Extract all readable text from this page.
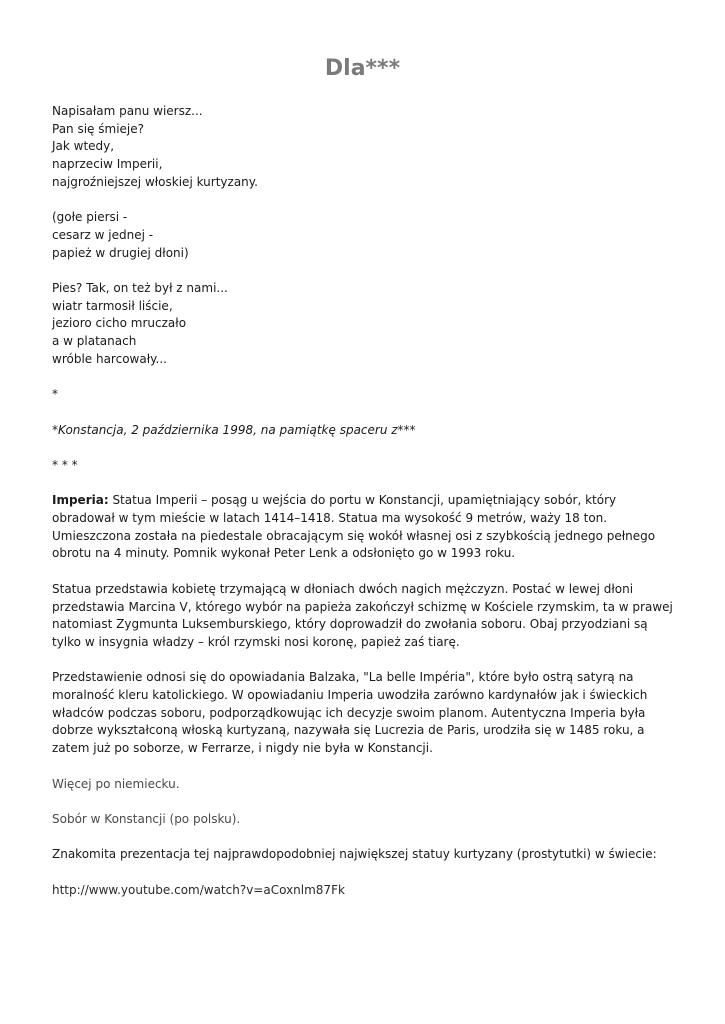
Dla***
Napisałam panu wiersz...
Pan się śmieje?
Jak wtedy,
naprzeciw Imperii,
najgroźniejszej włoskiej kurtyzany.
(gołe piersi -
cesarz w jednej -
papież w drugiej dłoni)
Pies? Tak, on też był z nami...
wiatr tarmosił liście,
jezioro cicho mruczało
a w platanach
wróble harcowały...
*
*Konstancja, 2 października 1998, na pamiątkę spaceru z***
* * *
Imperia: Statua Imperii – posąg u wejścia do portu w Konstancji, upamiętniający sobór, który obradował w tym mieście w latach 1414–1418. Statua ma wysokość 9 metrów, waży 18 ton. Umieszczona została na piedestale obracającym się wokół własnej osi z szybkością jednego pełnego obrotu na 4 minuty. Pomnik wykonał Peter Lenk a odsłonięto go w 1993 roku.
Statua przedstawia kobietę trzymającą w dłoniach dwóch nagich mężczyzn. Postać w lewej dłoni przedstawia Marcina V, którego wybór na papieża zakończył schizmę w Kościele rzymskim, ta w prawej natomiast Zygmunta Luksemburskiego, który doprowadził do zwołania soboru. Obaj przyodziani są tylko w insygnia władzy – król rzymski nosi koronę, papież zaś tiarę.
Przedstawienie odnosi się do opowiadania Balzaka, "La belle Impéria", które było ostrą satyrą na moralność kleru katolickiego. W opowiadaniu Imperia uwodziła zarówno kardynałów jak i świeckich władców podczas soboru, podporządkowując ich decyzje swoim planom. Autentyczna Imperia była dobrze wykształconą włoską kurtyzaną, nazywała się Lucrezia de Paris, urodziła się w 1485 roku, a zatem już po soborze, w Ferrarze, i nigdy nie była w Konstancji.
Więcej po niemiecku.
Sobór w Konstancji (po polsku).
Znakomita prezentacja tej najprawdopodobniej największej statuy kurtyzany (prostytutki) w świecie:
http://www.youtube.com/watch?v=aCoxnlm87Fk
